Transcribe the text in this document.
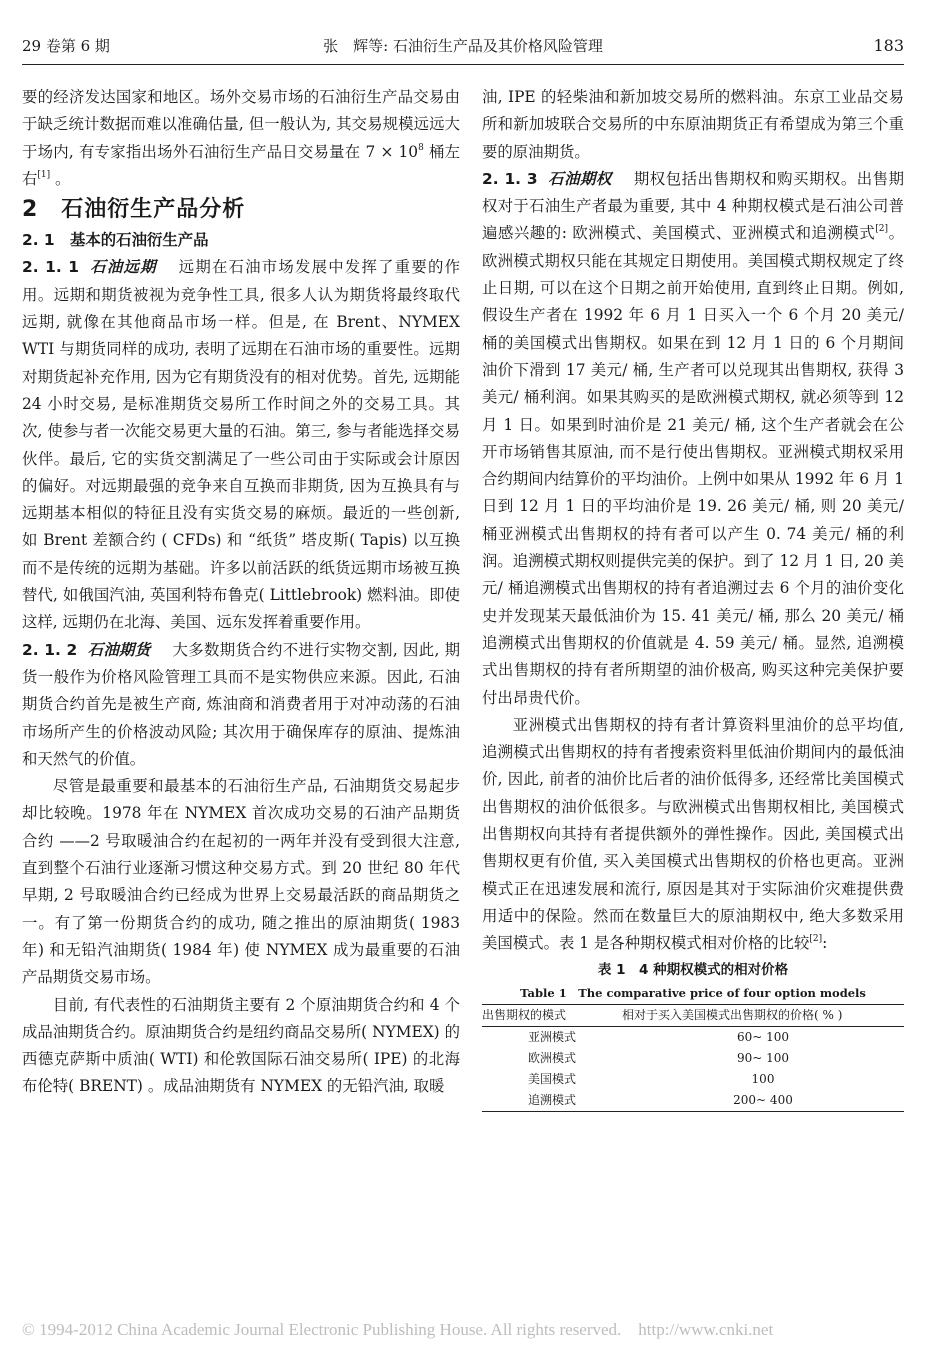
29 卷第 6 期	张　辉等: 石油衍生产品及其价格风险管理	183

要的经济发达国家和地区。场外交易市场的石油衍生产品交易由于缺乏统计数据而难以准确估量, 但一般认为, 其交易规模远远大于场内, 有专家指出场外石油衍生产品日交易量在 $7 \times 10^8$ 桶左右[1] 。

2　石油衍生产品分析
2. 1　基本的石油衍生产品

2. 1. 1 石油远期 远期在石油市场发展中发挥了重要的作用。远期和期货被视为竞争性工具, 很多人认为期货将最终取代远期, 就像在其他商品市场一样。但是, 在 Brent、NYMEX WTI 与期货同样的成功, 表明了远期在石油市场的重要性。远期对期货起补充作用, 因为它有期货没有的相对优势。首先, 远期能24 小时交易, 是标准期货交易所工作时间之外的交易工具。其次, 使参与者一次能交易更大量的石油。第三, 参与者能选择交易伙伴。最后, 它的实货交割满足了一些公司由于实际或会计原因的偏好。对远期最强的竞争来自互换而非期货, 因为互换具有与远期基本相似的特征且没有实货交易的麻烦。最近的一些创新, 如 Brent 差额合约 ( CFDs) 和 “纸货” 塔皮斯( Tapis) 以互换而不是传统的远期为基础。许多以前活跃的纸货远期市场被互换替代, 如俄国汽油, 英国利特布鲁克( Littlebrook) 燃料油。即使这样, 远期仍在北海、美国、远东发挥着重要作用。

2. 1. 2 石油期货 大多数期货合约不进行实物交割, 因此, 期货一般作为价格风险管理工具而不是实物供应来源。因此, 石油期货合约首先是被生产商, 炼油商和消费者用于对冲动荡的石油市场所产生的价格波动风险; 其次用于确保库存的原油、提炼油和天然气的价值。

尽管是最重要和最基本的石油衍生产品, 石油期货交易起步却比较晚。1978 年在 NYMEX 首次成功交易的石油产品期货合约 ——2 号取暖油合约在起初的一两年并没有受到很大注意, 直到整个石油行业逐渐习惯这种交易方式。到 20 世纪 80 年代早期, 2 号取暖油合约已经成为世界上交易最活跃的商品期货之一。有了第一份期货合约的成功, 随之推出的原油期货( 1983 年) 和无铅汽油期货( 1984 年) 使 NYMEX 成为最重要的石油产品期货交易市场。

目前, 有代表性的石油期货主要有 2 个原油期货合约和 4 个成品油期货合约。原油期货合约是纽约商品交易所( NYMEX) 的西德克萨斯中质油( WTI) 和伦敦国际石油交易所( IPE) 的北海布伦特( BRENT) 。成品油期货有 NYMEX 的无铅汽油, 取暖

油, IPE 的轻柴油和新加坡交易所的燃料油。东京工业品交易所和新加坡联合交易所的中东原油期货正有希望成为第三个重要的原油期货。

2. 1. 3 石油期权 期权包括出售期权和购买期权。出售期权对于石油生产者最为重要, 其中 4 种期权模式是石油公司普遍感兴趣的: 欧洲模式、美国模式、亚洲模式和追溯模式[2]。欧洲模式期权只能在其规定日期使用。美国模式期权规定了终止日期, 可以在这个日期之前开始使用, 直到终止日期。例如, 假设生产者在 1992 年 6 月 1 日买入一个 6 个月 20 美元/ 桶的美国模式出售期权。如果在到 12 月 1 日的 6 个月期间油价下滑到 17 美元/ 桶, 生产者可以兑现其出售期权, 获得 3 美元/ 桶利润。如果其购买的是欧洲模式期权, 就必须等到 12 月 1 日。如果到时油价是 21 美元/ 桶, 这个生产者就会在公开市场销售其原油, 而不是行使出售期权。亚洲模式期权采用合约期间内结算价的平均油价。上例中如果从 1992 年 6 月 1 日到 12 月 1 日的平均油价是 19. 26 美元/ 桶, 则 20 美元/ 桶亚洲模式出售期权的持有者可以产生 0. 74 美元/ 桶的利润。追溯模式期权则提供完美的保护。到了 12 月 1 日, 20 美元/ 桶追溯模式出售期权的持有者追溯过去 6 个月的油价变化史并发现某天最低油价为 15. 41 美元/ 桶, 那么 20 美元/ 桶追溯模式出售期权的价值就是 4. 59 美元/ 桶。显然, 追溯模式出售期权的持有者所期望的油价极高, 购买这种完美保护要付出昂贵代价。

亚洲模式出售期权的持有者计算资料里油价的总平均值, 追溯模式出售期权的持有者搜索资料里低油价期间内的最低油价, 因此, 前者的油价比后者的油价低得多, 还经常比美国模式出售期权的油价低很多。与欧洲模式出售期权相比, 美国模式出售期权向其持有者提供额外的弹性操作。因此, 美国模式出售期权更有价值, 买入美国模式出售期权的价格也更高。亚洲模式正在迅速发展和流行, 原因是其对于实际油价灾难提供费用适中的保险。然而在数量巨大的原油期权中, 绝大多数采用美国模式。表 1 是各种期权模式相对价格的比较[2]:

表 1　4 种期权模式的相对价格
Table 1　The comparative price of four option models
出售期权的模式	相对于买入美国模式出售期权的价格( % )
亚洲模式	60~ 100
欧洲模式	90~ 100
美国模式	100
追溯模式	200~ 400
© 1994-2012 China Academic Journal Electronic Publishing House. All rights reserved.　http://www.cnki.net
